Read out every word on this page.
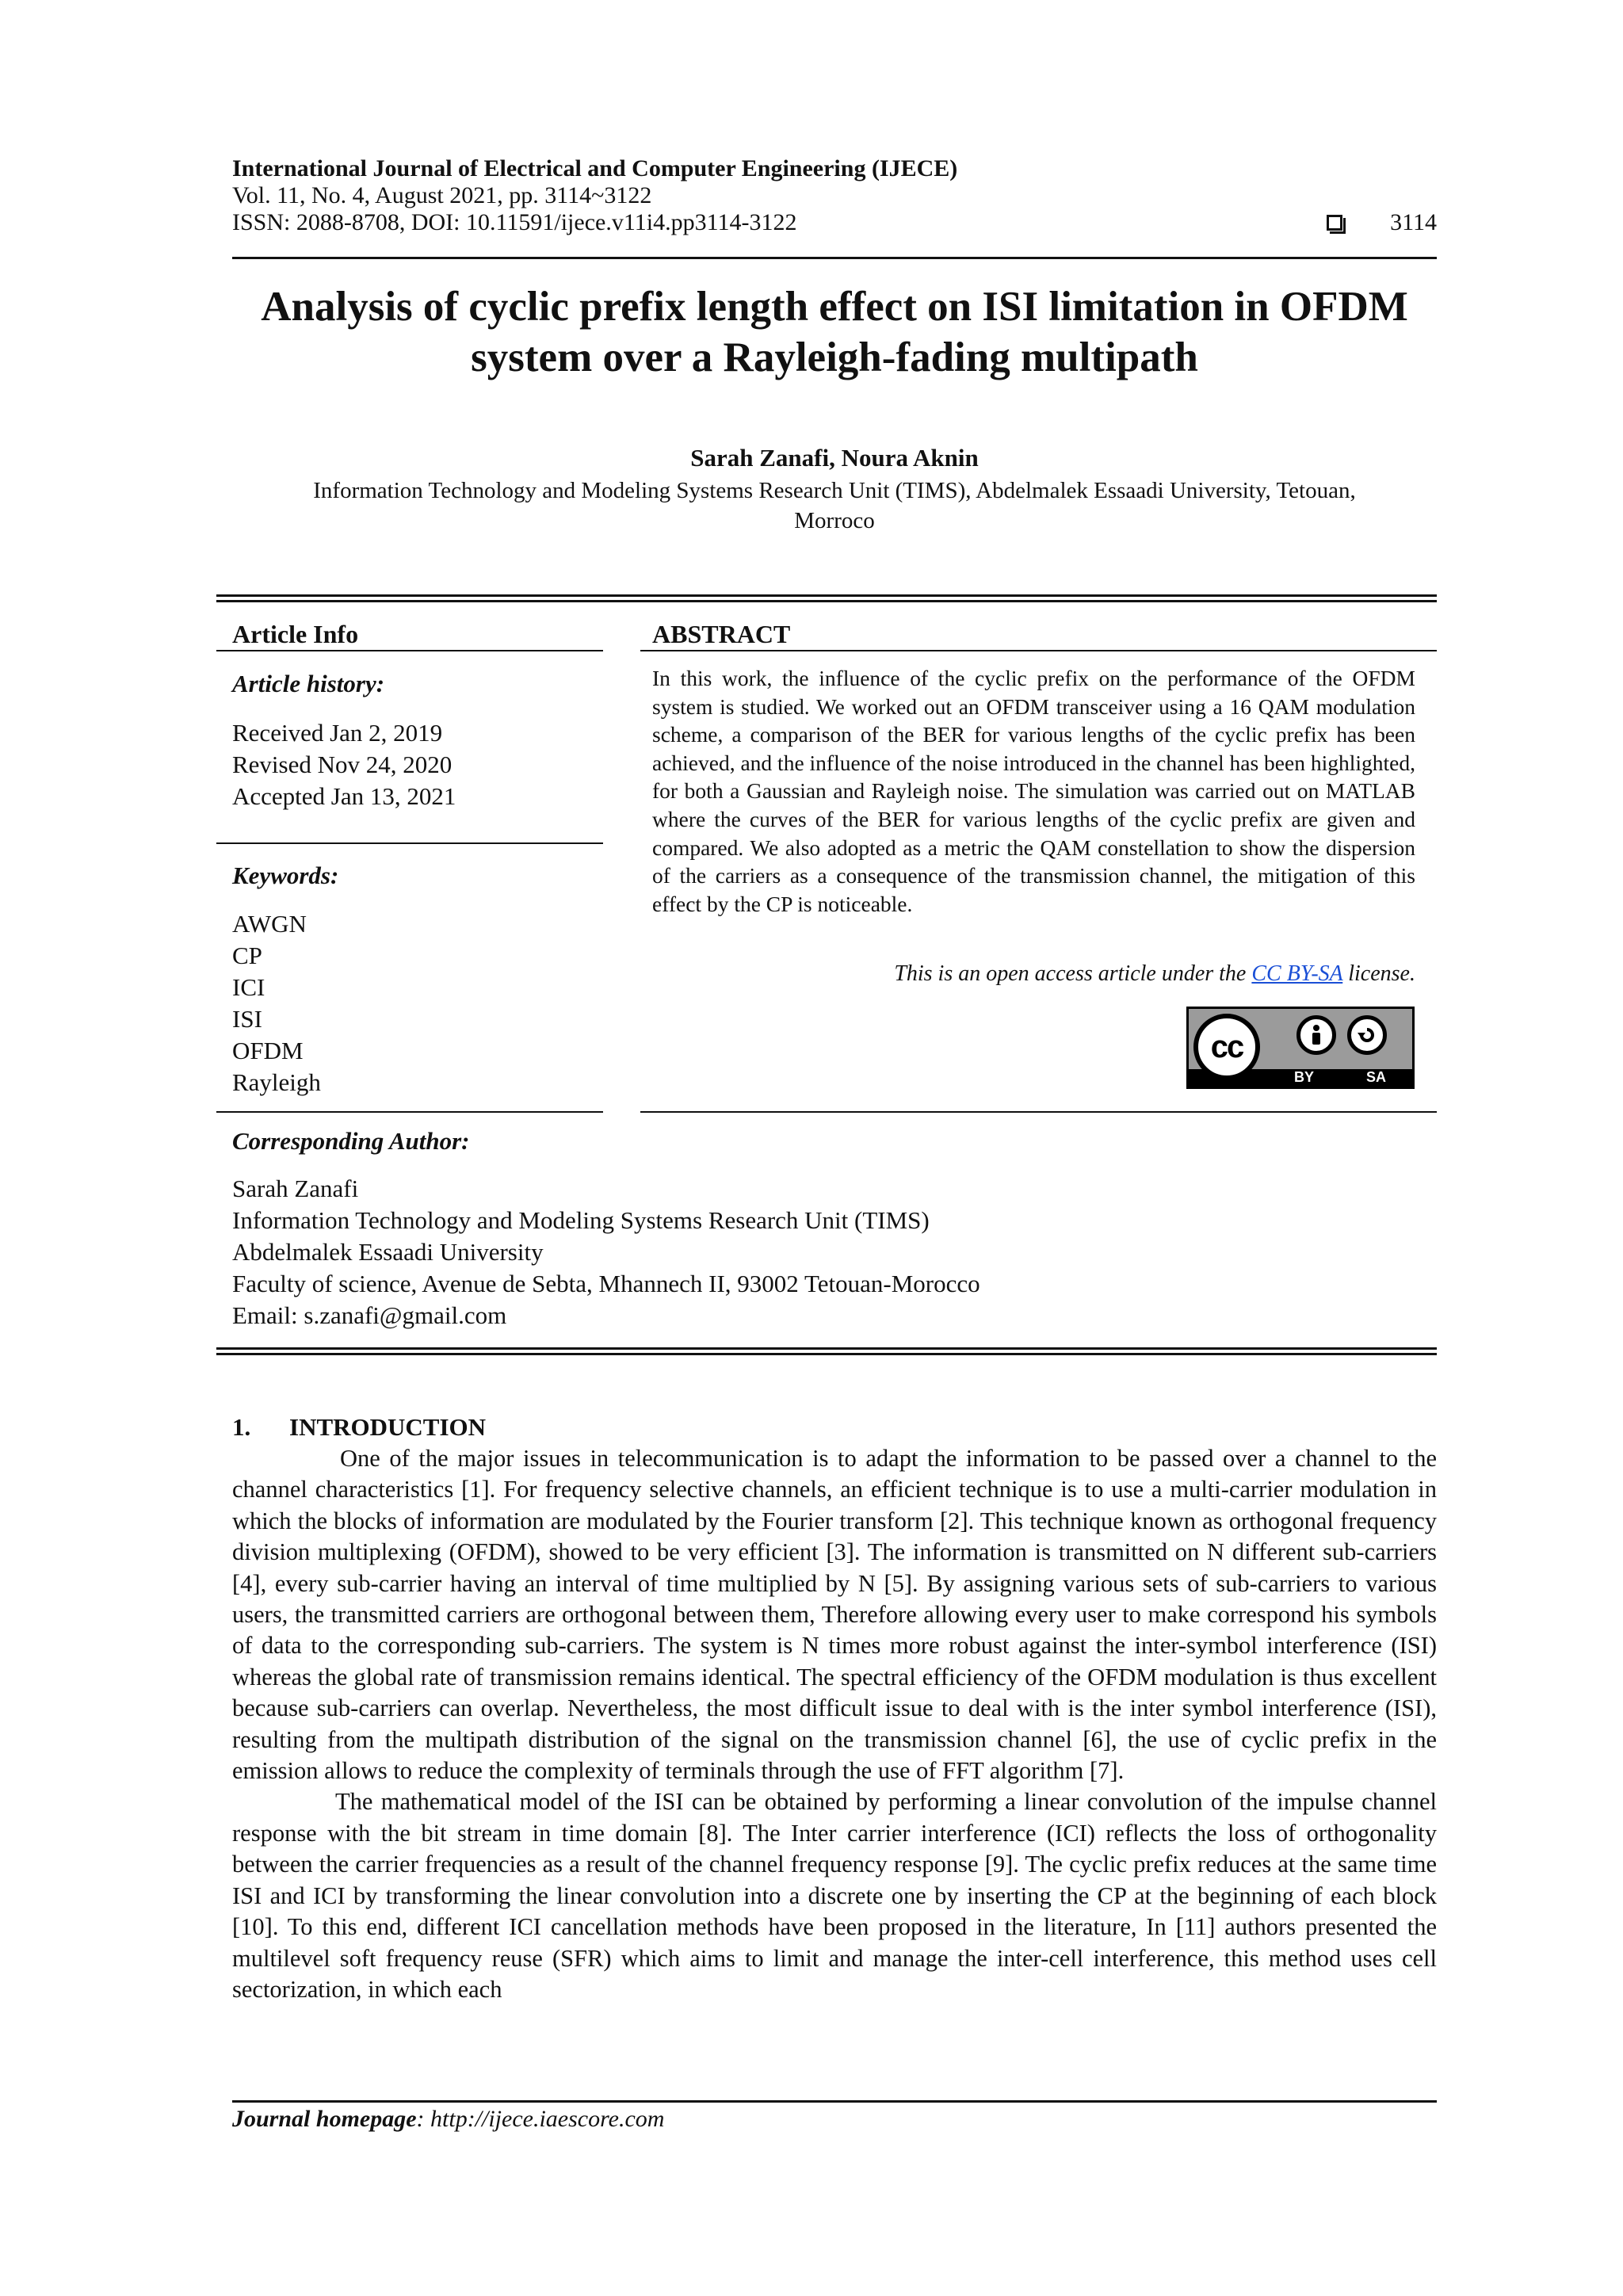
International Journal of Electrical and Computer Engineering (IJECE)
Vol. 11, No. 4, August 2021, pp. 3114~3122
ISSN: 2088-8708, DOI: 10.11591/ijece.v11i4.pp3114-3122	3114
Analysis of cyclic prefix length effect on ISI limitation in OFDM system over a Rayleigh-fading multipath
Sarah Zanafi, Noura Aknin
Information Technology and Modeling Systems Research Unit (TIMS), Abdelmalek Essaadi University, Tetouan, Morroco
Article Info
Article history:
Received Jan 2, 2019
Revised Nov 24, 2020
Accepted Jan 13, 2021
Keywords:
AWGN
CP
ICI
ISI
OFDM
Rayleigh
ABSTRACT
In this work, the influence of the cyclic prefix on the performance of the OFDM system is studied. We worked out an OFDM transceiver using a 16 QAM modulation scheme, a comparison of the BER for various lengths of the cyclic prefix has been achieved, and the influence of the noise introduced in the channel has been highlighted, for both a Gaussian and Rayleigh noise. The simulation was carried out on MATLAB where the curves of the BER for various lengths of the cyclic prefix are given and compared. We also adopted as a metric the QAM constellation to show the dispersion of the carriers as a consequence of the transmission channel, the mitigation of this effect by the CP is noticeable.
This is an open access article under the CC BY-SA license.
cc
BY	SA
Corresponding Author:
Sarah Zanafi
Information Technology and Modeling Systems Research Unit (TIMS)
Abdelmalek Essaadi University
Faculty of science, Avenue de Sebta, Mhannech II, 93002 Tetouan-Morocco
Email: s.zanafi@gmail.com
1. INTRODUCTION

One of the major issues in telecommunication is to adapt the information to be passed over a channel to the channel characteristics [1]. For frequency selective channels, an efficient technique is to use a multi-carrier modulation in which the blocks of information are modulated by the Fourier transform [2]. This technique known as orthogonal frequency division multiplexing (OFDM), showed to be very efficient [3]. The information is transmitted on N different sub-carriers [4], every sub-carrier having an interval of time multiplied by N [5]. By assigning various sets of sub-carriers to various users, the transmitted carriers are orthogonal between them, Therefore allowing every user to make correspond his symbols of data to the corresponding sub-carriers. The system is N times more robust against the inter-symbol interference (ISI) whereas the global rate of transmission remains identical. The spectral efficiency of the OFDM modulation is thus excellent because sub-carriers can overlap. Nevertheless, the most difficult issue to deal with is the inter symbol interference (ISI), resulting from the multipath distribution of the signal on the transmission channel [6], the use of cyclic prefix in the emission allows to reduce the complexity of terminals through the use of FFT algorithm [7].

The mathematical model of the ISI can be obtained by performing a linear convolution of the impulse channel response with the bit stream in time domain [8]. The Inter carrier interference (ICI) reflects the loss of orthogonality between the carrier frequencies as a result of the channel frequency response [9]. The cyclic prefix reduces at the same time ISI and ICI by transforming the linear convolution into a discrete one by inserting the CP at the beginning of each block [10]. To this end, different ICI cancellation methods have been proposed in the literature, In [11] authors presented the multilevel soft frequency reuse (SFR) which aims to limit and manage the inter-cell interference, this method uses cell sectorization, in which each

Journal homepage: http://ijece.iaescore.com
